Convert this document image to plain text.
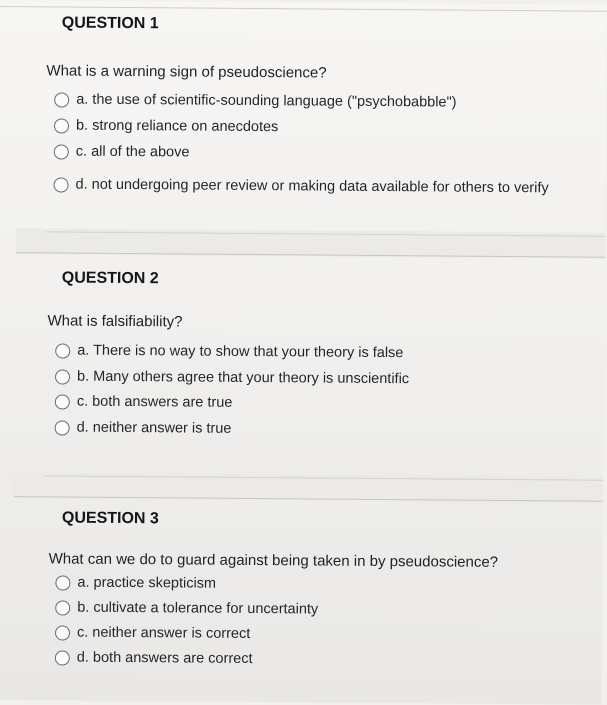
QUESTION 1
What is a warning sign of pseudoscience?
a. the use of scientific-sounding language ("psychobabble")
b. strong reliance on anecdotes
c. all of the above
d. not undergoing peer review or making data available for others to verify
QUESTION 2
What is falsifiability?
a. There is no way to show that your theory is false
b. Many others agree that your theory is unscientific
c. both answers are true
d. neither answer is true
QUESTION 3
What can we do to guard against being taken in by pseudoscience?
a. practice skepticism
b. cultivate a tolerance for uncertainty
c. neither answer is correct
d. both answers are correct
